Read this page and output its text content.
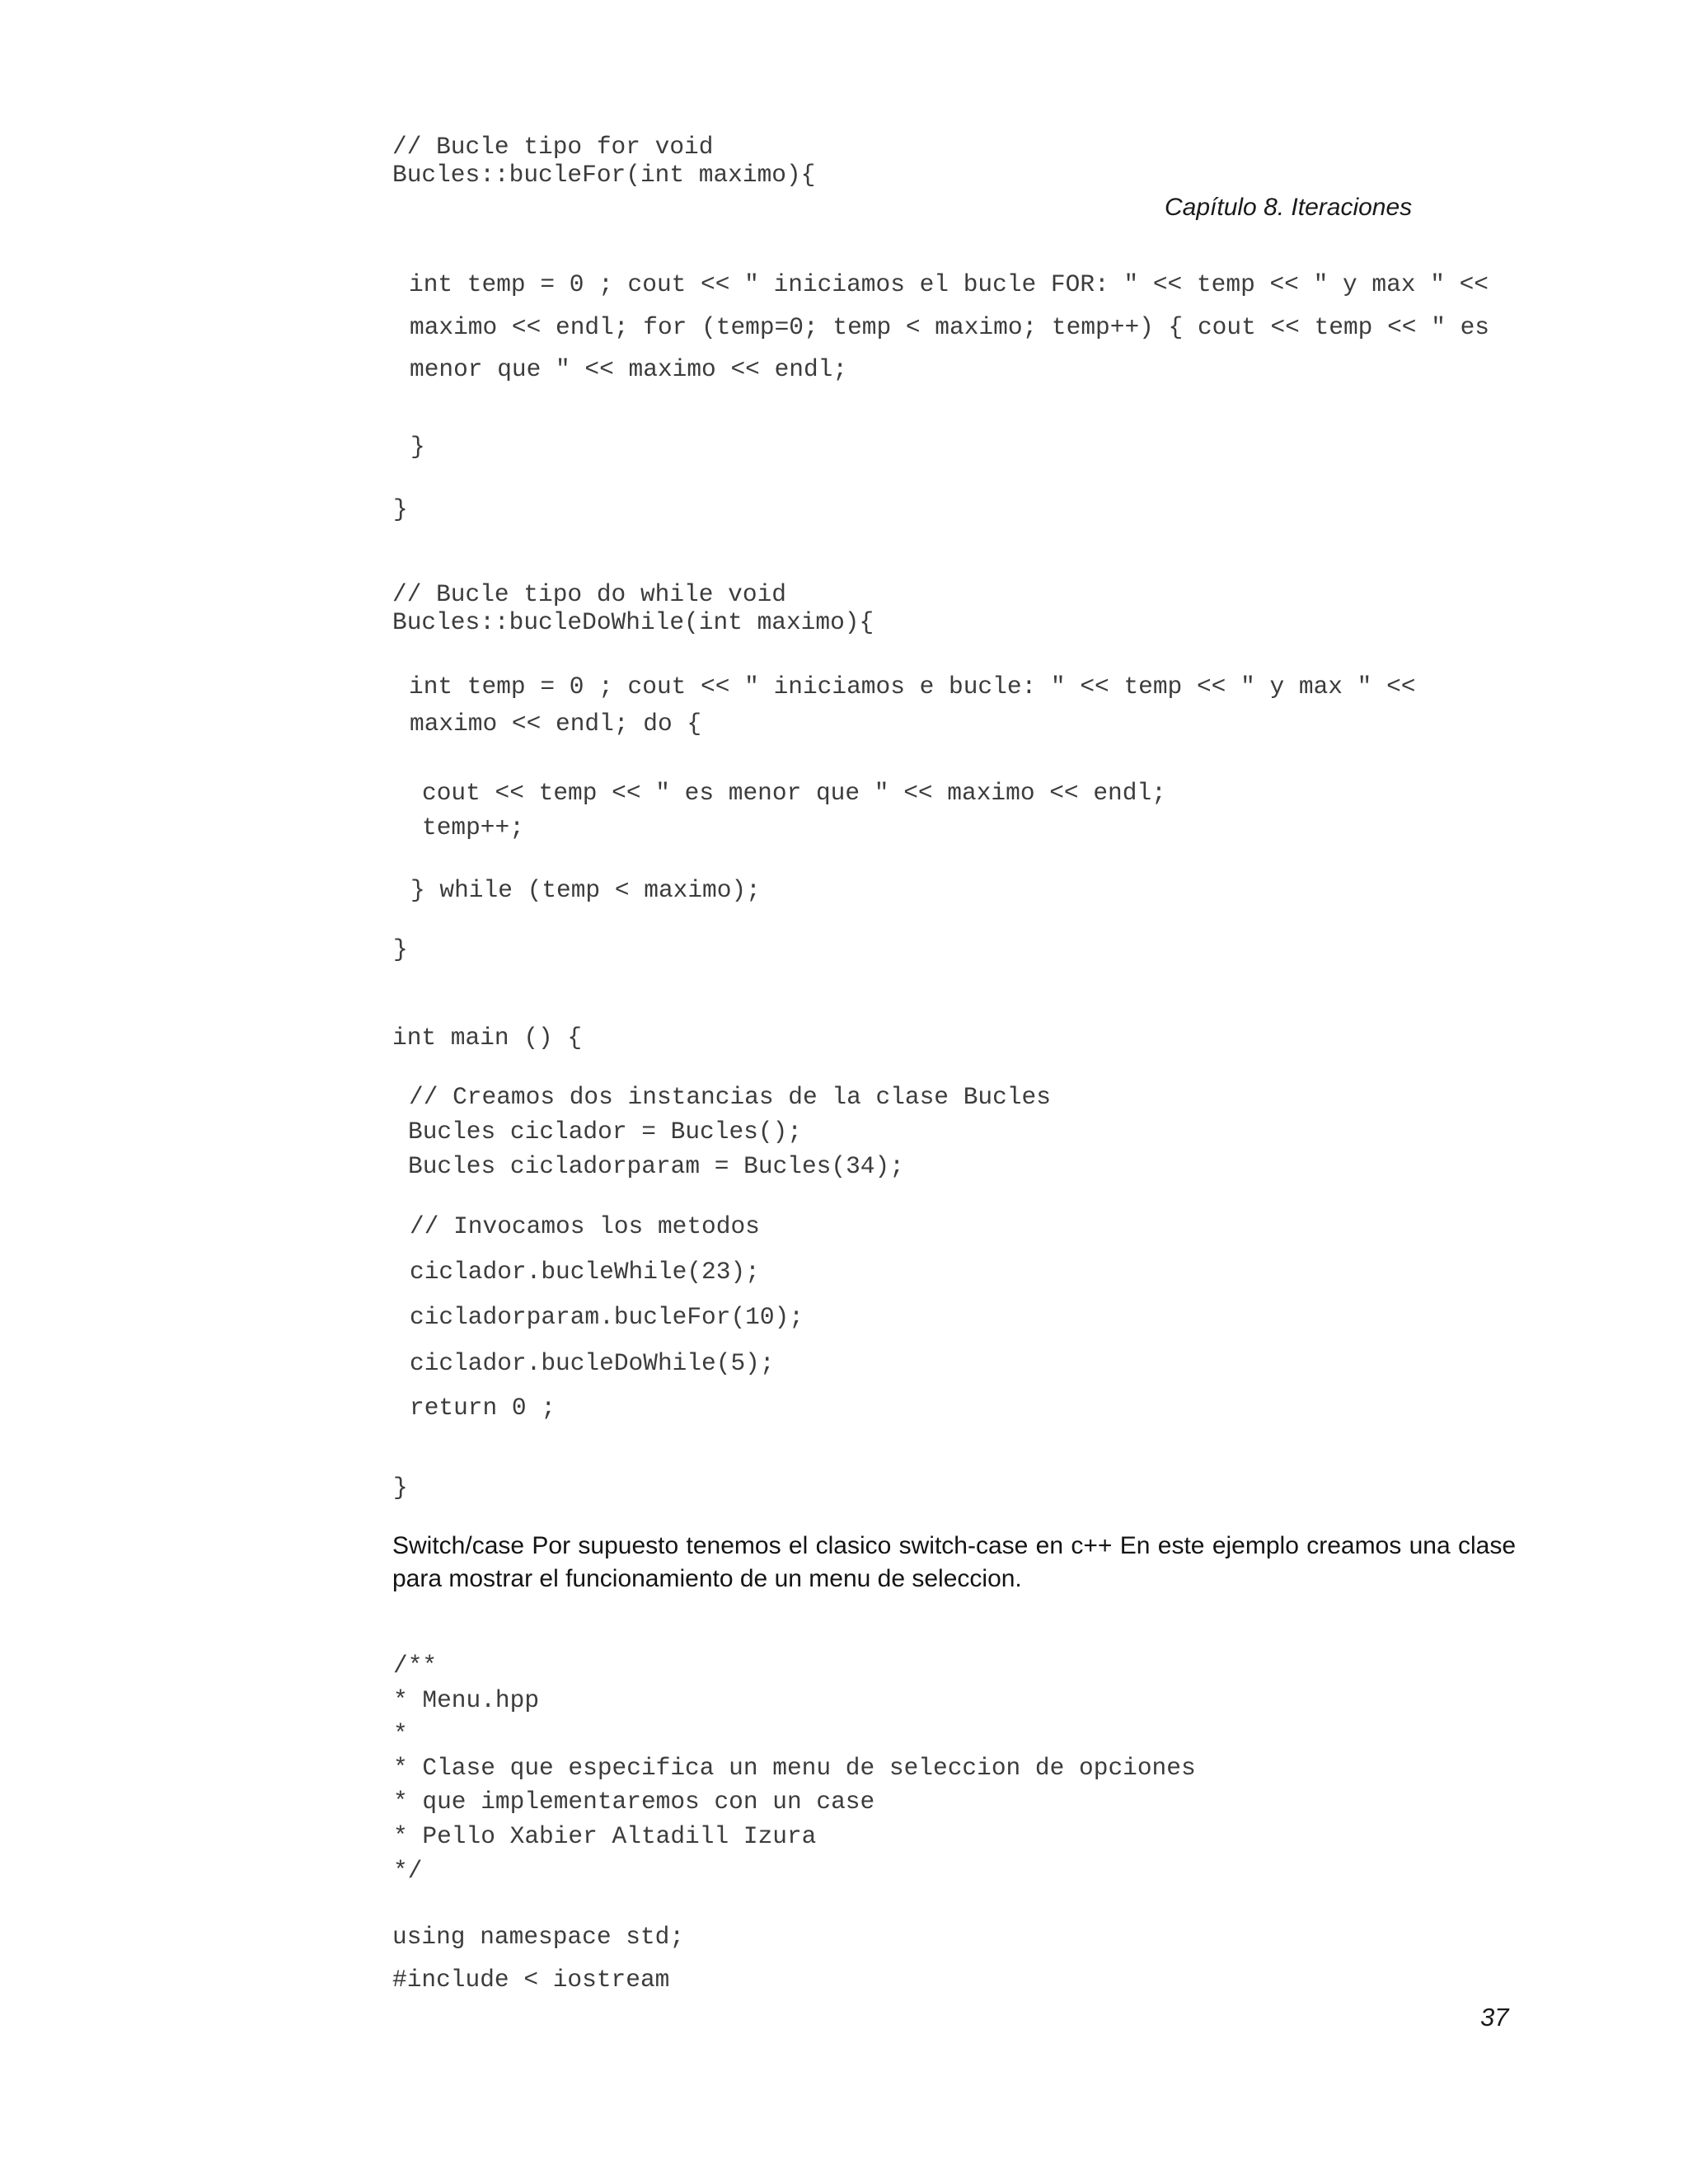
// Bucle tipo for void
Bucles::bucleFor(int maximo){
Capítulo 8. Iteraciones
int temp = 0 ; cout << " iniciamos el bucle FOR: " << temp << " y max " <<
maximo << endl; for (temp=0; temp < maximo; temp++) { cout << temp << " es
menor que " << maximo << endl;
}
}
// Bucle tipo do while void
Bucles::bucleDoWhile(int maximo){
int temp = 0 ; cout << " iniciamos e bucle: " << temp << " y max " <<
maximo << endl; do {
cout << temp << " es menor que " << maximo << endl;
temp++;
} while (temp < maximo);
}
int main () {
// Creamos dos instancias de la clase Bucles
Bucles ciclador = Bucles();
Bucles cicladorparam = Bucles(34);
// Invocamos los metodos
ciclador.bucleWhile(23);
cicladorparam.bucleFor(10);
ciclador.bucleDoWhile(5);
return 0 ;
}
Switch/case Por supuesto tenemos el clasico switch-case en c++ En este ejemplo creamos una clase
para mostrar el funcionamiento de un menu de seleccion.
/**
* Menu.hpp
*
* Clase que especifica un menu de seleccion de opciones
* que implementaremos con un case
* Pello Xabier Altadill Izura
*/
using namespace std;
#include < iostream
37
